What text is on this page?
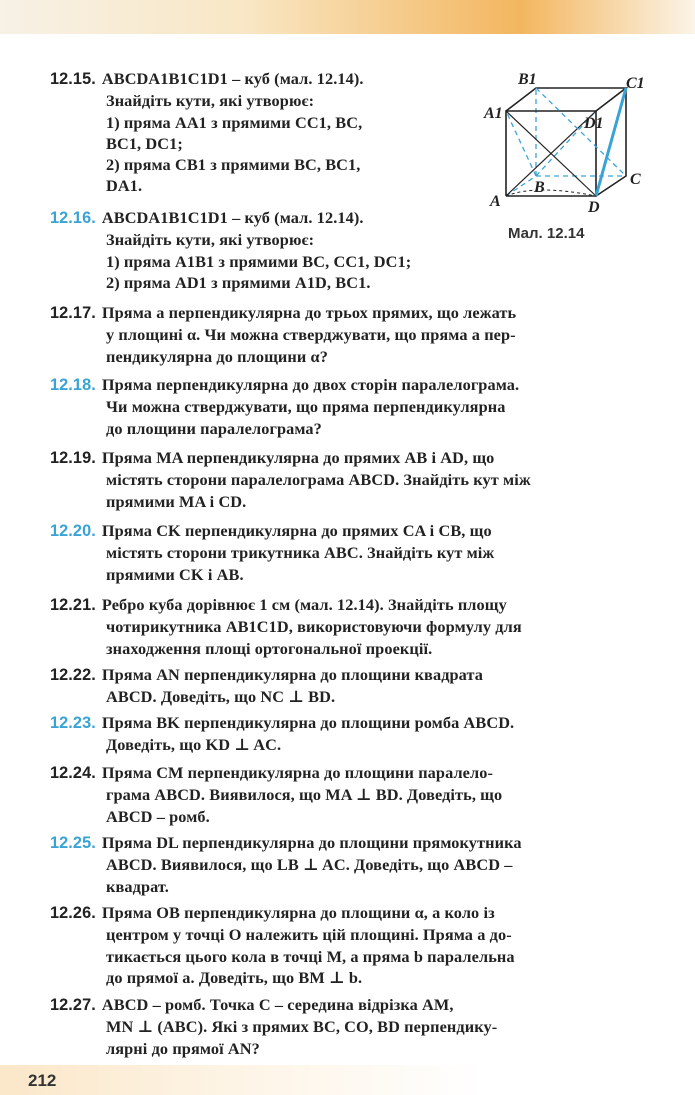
A
B	C
D
A1
B1	C1
D1
Мал. 12.14
12.15. ABCDA1B1C1D1 – куб (мал. 12.14).
Знайдіть кути, які утворює:
1) пряма AA1 з прямими CC1, BC,
BC1, DC1;
2) пряма CB1 з прямими BC, BC1,
DA1.
12.16. ABCDA1B1C1D1 – куб (мал. 12.14).
Знайдіть кути, які утворює:
1) пряма A1B1 з прямими BC, CC1, DC1;
2) пряма AD1 з прямими A1D, BC1.
12.17. Пряма a перпендикулярна до трьох прямих, що лежать
у площині α. Чи можна стверджувати, що пряма a пер-
пендикулярна до площини α?
12.18. Пряма перпендикулярна до двох сторін паралелограма.
Чи можна стверджувати, що пряма перпендикулярна
до площини паралелограма?
12.19. Пряма MA перпендикулярна до прямих AB і AD, що
містять сторони паралелограма ABCD. Знайдіть кут між
прямими MA і CD.
12.20. Пряма CK перпендикулярна до прямих CA і CB, що
містять сторони трикутника ABC. Знайдіть кут між
прямими CK і AB.
12.21. Ребро куба дорівнює 1 см (мал. 12.14). Знайдіть площу
чотирикутника AB1C1D, використовуючи формулу для
знаходження площі ортогональної проекції.
12.22. Пряма AN перпендикулярна до площини квадрата
ABCD. Доведіть, що NC ⊥ BD.
12.23. Пряма BK перпендикулярна до площини ромба ABCD.
Доведіть, що KD ⊥ AC.
12.24. Пряма CM перпендикулярна до площини паралело-
грама ABCD. Виявилося, що MA ⊥ BD. Доведіть, що
ABCD – ромб.
12.25. Пряма DL перпендикулярна до площини прямокутника
ABCD. Виявилося, що LB ⊥ AC. Доведіть, що ABCD –
квадрат.
12.26. Пряма OB перпендикулярна до площини α, а коло із
центром у точці O належить цій площині. Пряма a до-
тикається цього кола в точці M, а пряма b паралельна
до прямої a. Доведіть, що BM ⊥ b.
12.27. ABCD – ромб. Точка C – середина відрізка AM,
MN ⊥ (ABC). Які з прямих BC, CO, BD перпендику-
лярні до прямої AN?
212
